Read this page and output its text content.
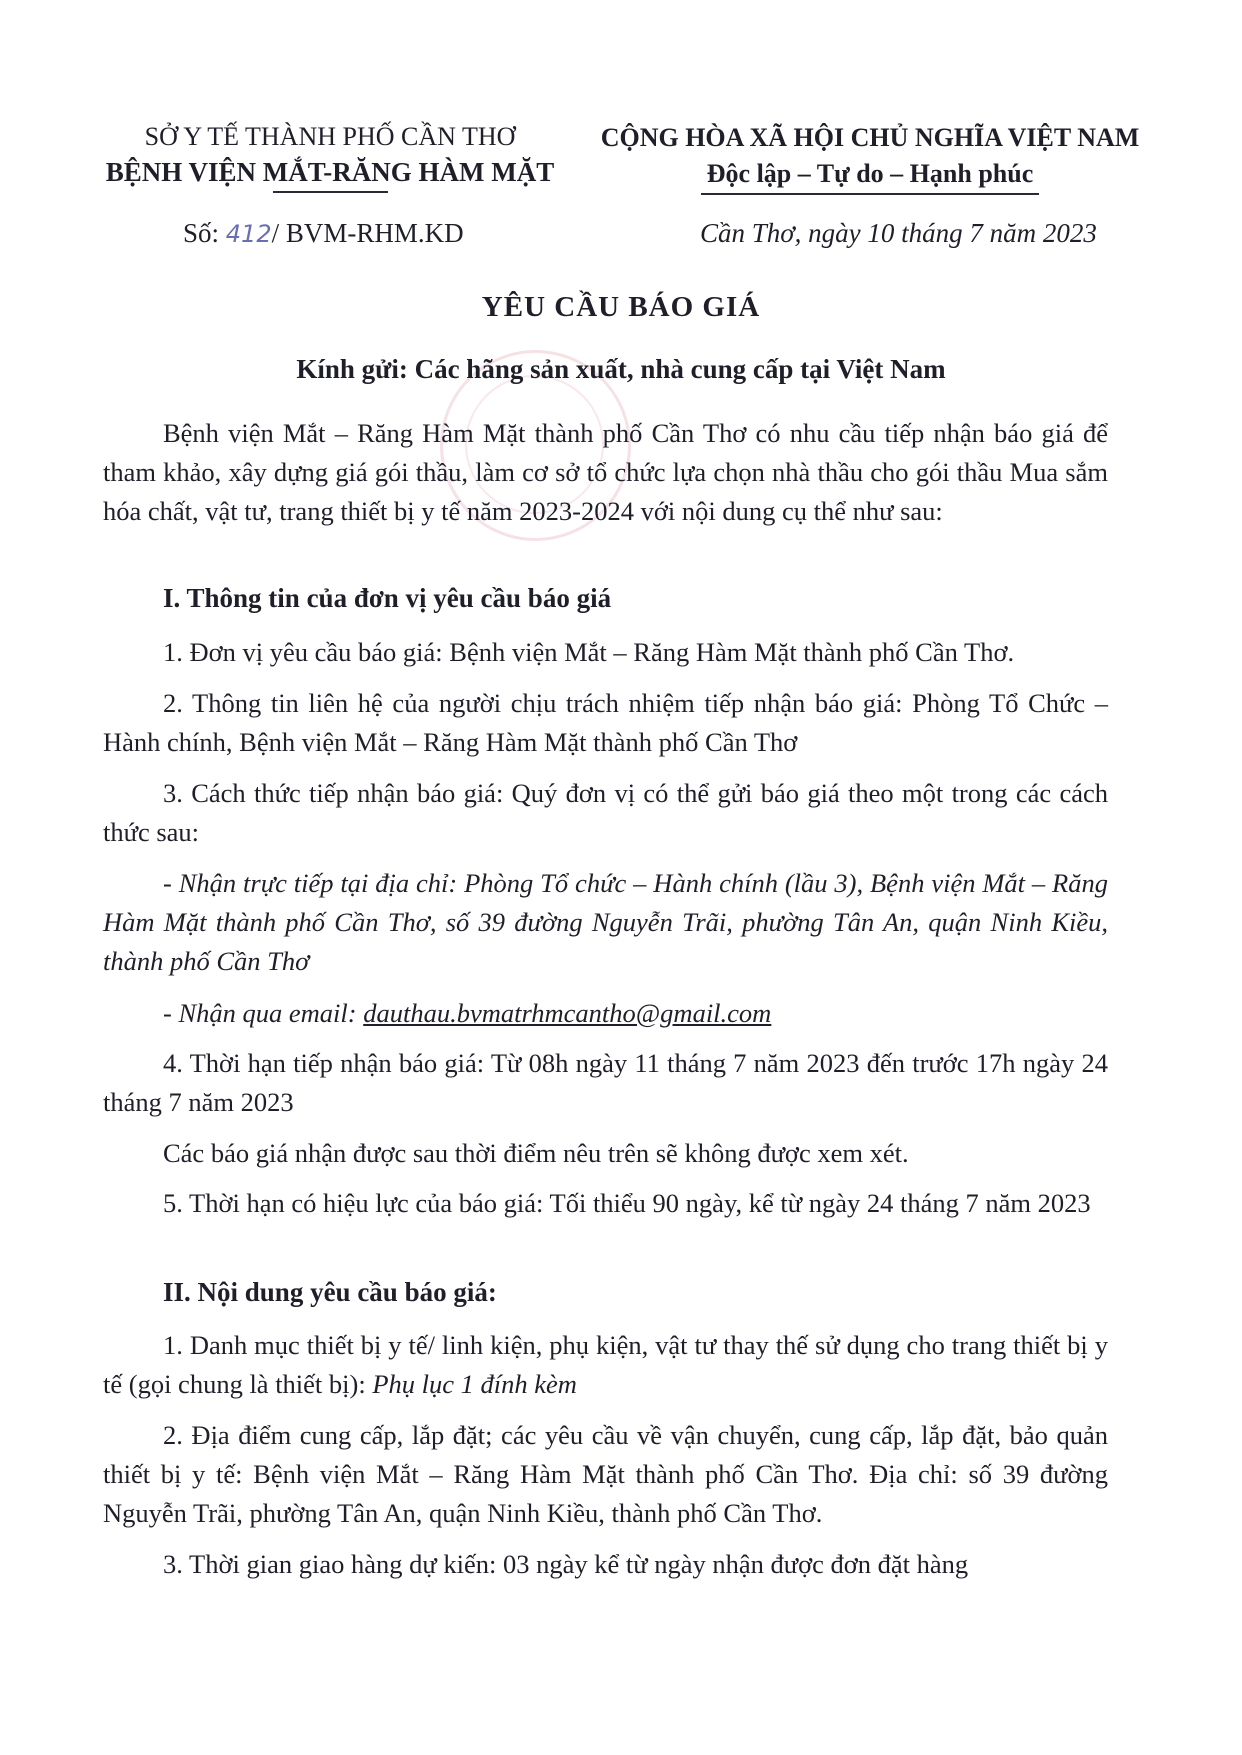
SỞ Y TẾ THÀNH PHỐ CẦN THƠ
BỆNH VIỆN MẮT-RĂNG HÀM MẶT
CỘNG HÒA XÃ HỘI CHỦ NGHĨA VIỆT NAM
Độc lập – Tự do – Hạnh phúc
Số: 412/ BVM-RHM.KD	Cần Thơ, ngày 10 tháng 7 năm 2023
YÊU CẦU BÁO GIÁ
Kính gửi: Các hãng sản xuất, nhà cung cấp tại Việt Nam
Bệnh viện Mắt – Răng Hàm Mặt thành phố Cần Thơ có nhu cầu tiếp nhận báo giá để tham khảo, xây dựng giá gói thầu, làm cơ sở tổ chức lựa chọn nhà thầu cho gói thầu Mua sắm hóa chất, vật tư, trang thiết bị y tế năm 2023-2024 với nội dung cụ thể như sau:
I. Thông tin của đơn vị yêu cầu báo giá
1. Đơn vị yêu cầu báo giá: Bệnh viện Mắt – Răng Hàm Mặt thành phố Cần Thơ.
2. Thông tin liên hệ của người chịu trách nhiệm tiếp nhận báo giá: Phòng Tổ Chức – Hành chính, Bệnh viện Mắt – Răng Hàm Mặt thành phố Cần Thơ
3. Cách thức tiếp nhận báo giá: Quý đơn vị có thể gửi báo giá theo một trong các cách thức sau:
- Nhận trực tiếp tại địa chỉ: Phòng Tổ chức – Hành chính (lầu 3), Bệnh viện Mắt – Răng Hàm Mặt thành phố Cần Thơ, số 39 đường Nguyễn Trãi, phường Tân An, quận Ninh Kiều, thành phố Cần Thơ
- Nhận qua email: dauthau.bvmatrhmcantho@gmail.com
4. Thời hạn tiếp nhận báo giá: Từ 08h ngày 11 tháng 7 năm 2023 đến trước 17h ngày 24 tháng 7 năm 2023
Các báo giá nhận được sau thời điểm nêu trên sẽ không được xem xét.
5. Thời hạn có hiệu lực của báo giá: Tối thiểu 90 ngày, kể từ ngày 24 tháng 7 năm 2023
II. Nội dung yêu cầu báo giá:
1. Danh mục thiết bị y tế/ linh kiện, phụ kiện, vật tư thay thế sử dụng cho trang thiết bị y tế (gọi chung là thiết bị): Phụ lục 1 đính kèm
2. Địa điểm cung cấp, lắp đặt; các yêu cầu về vận chuyển, cung cấp, lắp đặt, bảo quản thiết bị y tế: Bệnh viện Mắt – Răng Hàm Mặt thành phố Cần Thơ. Địa chỉ: số 39 đường Nguyễn Trãi, phường Tân An, quận Ninh Kiều, thành phố Cần Thơ.
3. Thời gian giao hàng dự kiến: 03 ngày kể từ ngày nhận được đơn đặt hàng
